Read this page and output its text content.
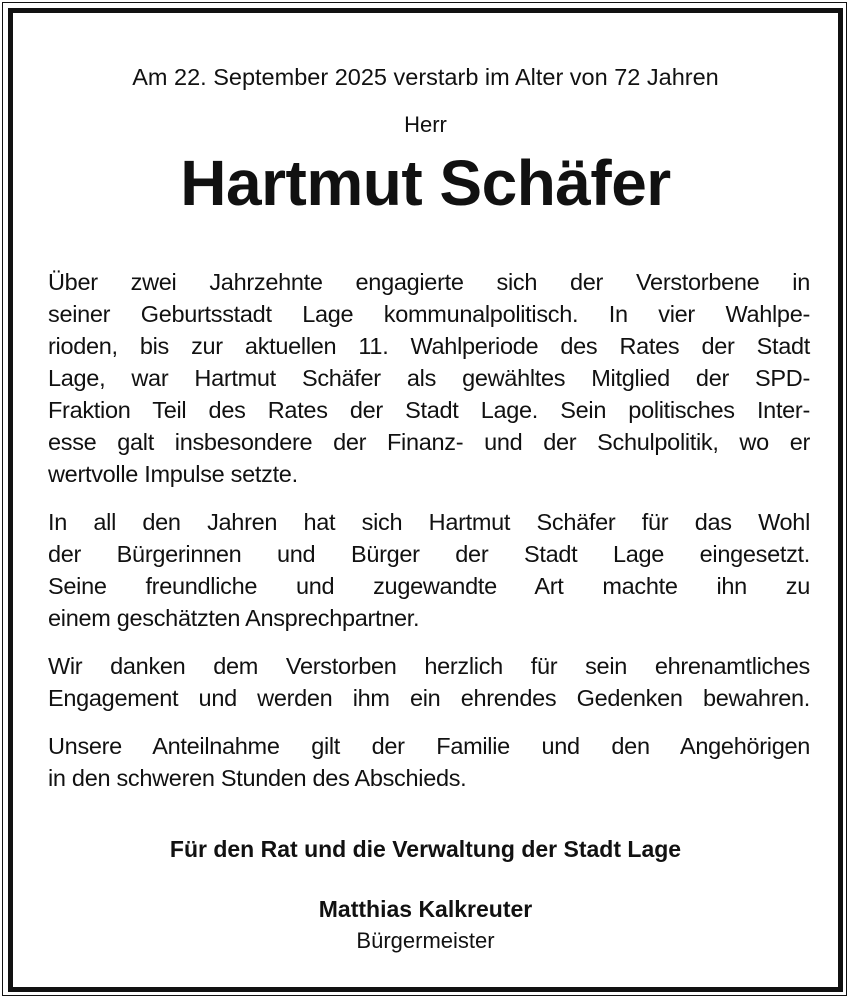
Am 22. September 2025 verstarb im Alter von 72 Jahren
Herr
Hartmut Schäfer
Über zwei Jahrzehnte engagierte sich der Verstorbene in
seiner Geburtsstadt Lage kommunalpolitisch. In vier Wahlpe-
rioden, bis zur aktuellen 11. Wahlperiode des Rates der Stadt
Lage, war Hartmut Schäfer als gewähltes Mitglied der SPD-
Fraktion Teil des Rates der Stadt Lage. Sein politisches Inter-
esse galt insbesondere der Finanz- und der Schulpolitik, wo er
wertvolle Impulse setzte.
In all den Jahren hat sich Hartmut Schäfer für das Wohl
der Bürgerinnen und Bürger der Stadt Lage eingesetzt.
Seine freundliche und zugewandte Art machte ihn zu
einem geschätzten Ansprechpartner.
Wir danken dem Verstorben herzlich für sein ehrenamtliches
Engagement und werden ihm ein ehrendes Gedenken bewahren.
Unsere Anteilnahme gilt der Familie und den Angehörigen
in den schweren Stunden des Abschieds.
Für den Rat und die Verwaltung der Stadt Lage
Matthias Kalkreuter
Bürgermeister
